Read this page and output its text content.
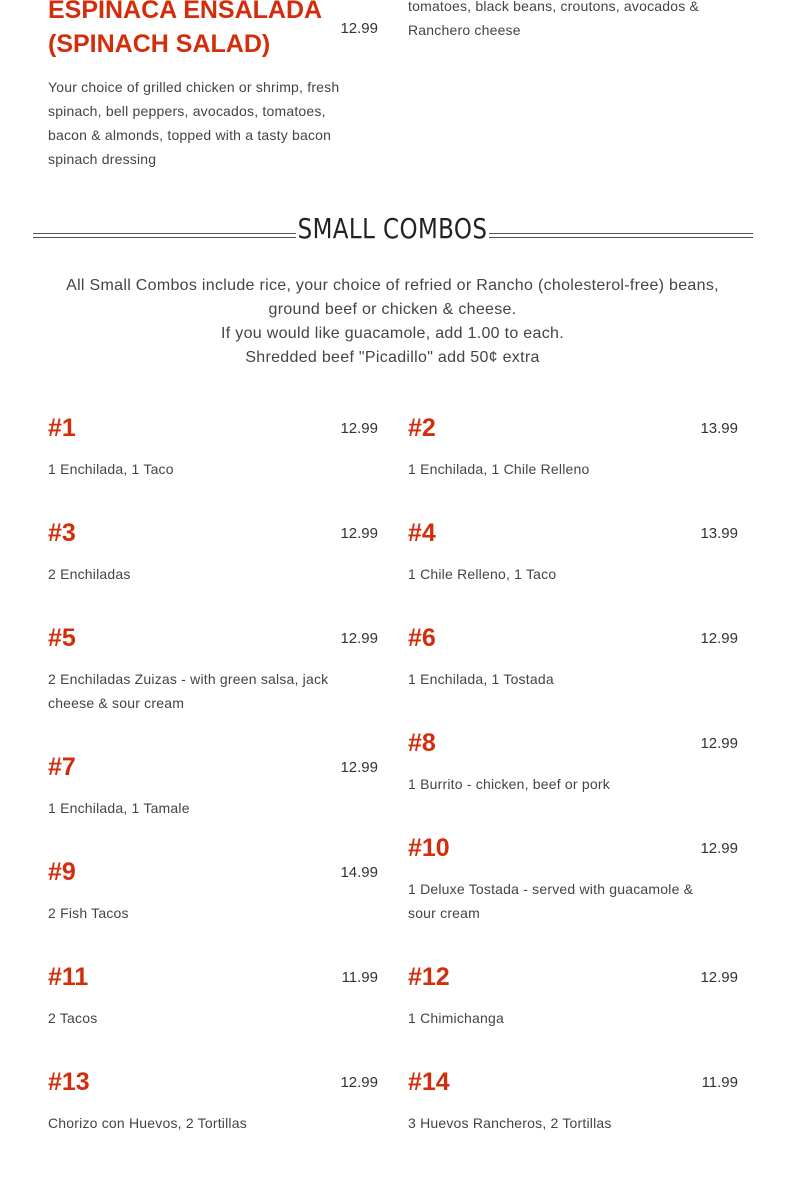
ESPINACA ENSALADA
(SPINACH SALAD)
12.99
Your choice of grilled chicken or shrimp, fresh
spinach, bell peppers, avocados, tomatoes,
bacon & almonds, topped with a tasty bacon
spinach dressing
tomatoes, black beans, croutons, avocados &
Ranchero cheese
SMALL COMBOS
All Small Combos include rice, your choice of refried or Rancho (cholesterol-free) beans,
ground beef or chicken & cheese.
If you would like guacamole, add 1.00 to each.
Shredded beef "Picadillo" add 50¢ extra
#1	12.99
1 Enchilada, 1 Taco
#3	12.99
2 Enchiladas
#5	12.99
2 Enchiladas Zuizas - with green salsa, jack
cheese & sour cream
#7	12.99
1 Enchilada, 1 Tamale
#9	14.99
2 Fish Tacos
#11	11.99
2 Tacos
#13	12.99
Chorizo con Huevos, 2 Tortillas
#2	13.99
1 Enchilada, 1 Chile Relleno
#4	13.99
1 Chile Relleno, 1 Taco
#6	12.99
1 Enchilada, 1 Tostada
#8	12.99
1 Burrito - chicken, beef or pork
#10	12.99
1 Deluxe Tostada - served with guacamole &
sour cream
#12	12.99
1 Chimichanga
#14	11.99
3 Huevos Rancheros, 2 Tortillas
